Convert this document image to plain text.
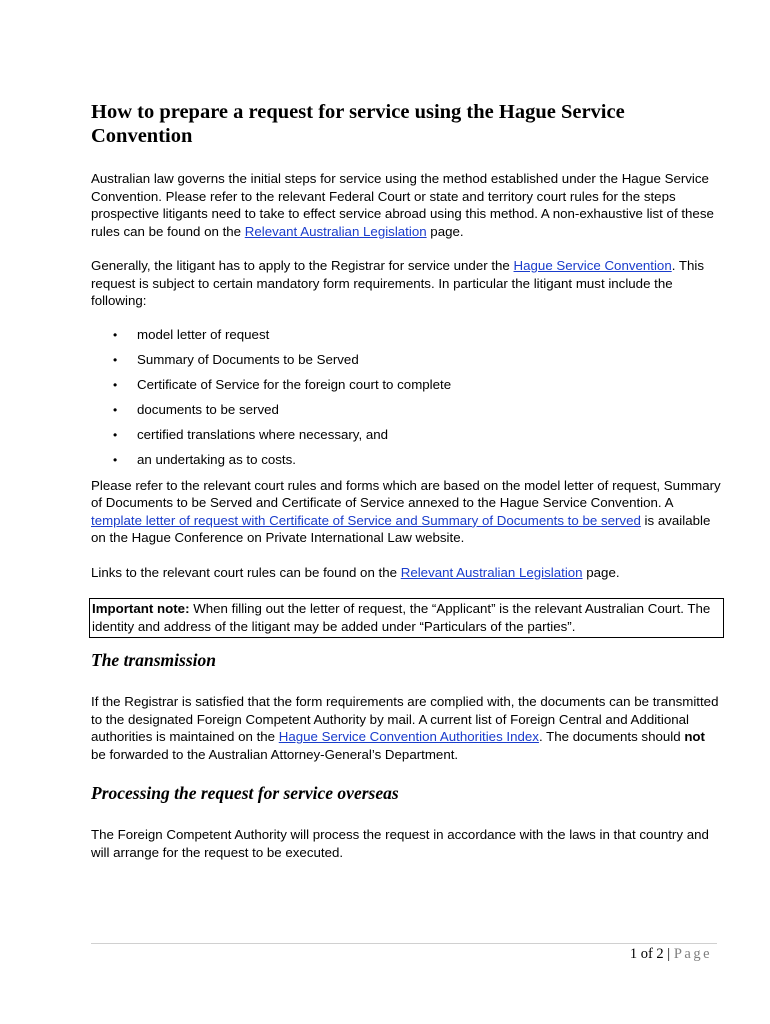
How to prepare a request for service using the Hague Service Convention

Australian law governs the initial steps for service using the method established under the Hague Service Convention. Please refer to the relevant Federal Court or state and territory court rules for the steps prospective litigants need to take to effect service abroad using this method. A non-exhaustive list of these rules can be found on the Relevant Australian Legislation page.

Generally, the litigant has to apply to the Registrar for service under the Hague Service Convention. This request is subject to certain mandatory form requirements. In particular the litigant must include the following:

• model letter of request
• Summary of Documents to be Served
• Certificate of Service for the foreign court to complete
• documents to be served
• certified translations where necessary, and
• an undertaking as to costs.

Please refer to the relevant court rules and forms which are based on the model letter of request, Summary of Documents to be Served and Certificate of Service annexed to the Hague Service Convention. A template letter of request with Certificate of Service and Summary of Documents to be served is available on the Hague Conference on Private International Law website.

Links to the relevant court rules can be found on the Relevant Australian Legislation page.

Important note: When filling out the letter of request, the “Applicant” is the relevant Australian Court. The identity and address of the litigant may be added under “Particulars of the parties”.
The transmission

If the Registrar is satisfied that the form requirements are complied with, the documents can be transmitted to the designated Foreign Competent Authority by mail. A current list of Foreign Central and Additional authorities is maintained on the Hague Service Convention Authorities Index. The documents should not be forwarded to the Australian Attorney-General’s Department.

Processing the request for service overseas

The Foreign Competent Authority will process the request in accordance with the laws in that country and will arrange for the request to be executed.

1 of 2 | Page
